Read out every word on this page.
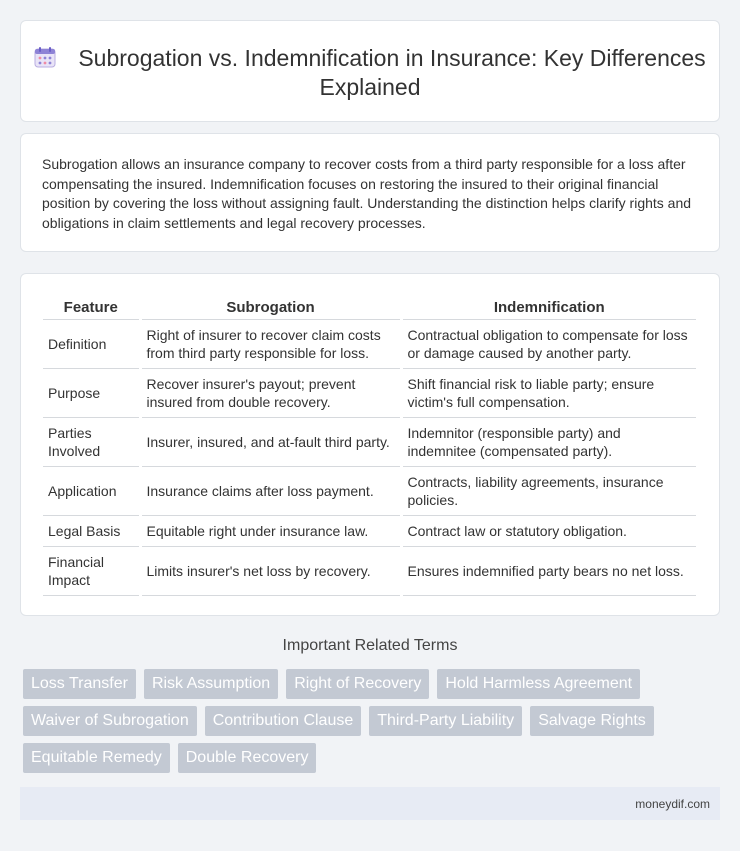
Subrogation vs. Indemnification in Insurance: Key Differences Explained

Subrogation allows an insurance company to recover costs from a third party responsible for a loss after compensating the insured. Indemnification focuses on restoring the insured to their original financial position by covering the loss without assigning fault. Understanding the distinction helps clarify rights and obligations in claim settlements and legal recovery processes.

Feature	Subrogation	Indemnification
Definition	Right of insurer to recover claim costs from third party responsible for loss.	Contractual obligation to compensate for loss or damage caused by another party.
Purpose	Recover insurer's payout; prevent insured from double recovery.	Shift financial risk to liable party; ensure victim's full compensation.
Parties Involved	Insurer, insured, and at-fault third party.	Indemnitor (responsible party) and indemnitee (compensated party).
Application	Insurance claims after loss payment.	Contracts, liability agreements, insurance policies.
Legal Basis	Equitable right under insurance law.	Contract law or statutory obligation.
Financial Impact	Limits insurer's net loss by recovery.	Ensures indemnified party bears no net loss.
Important Related Terms
Loss Transfer	Risk Assumption	Right of Recovery	Hold Harmless Agreement
Waiver of Subrogation	Contribution Clause	Third-Party Liability	Salvage Rights
Equitable Remedy	Double Recovery
moneydif.com
